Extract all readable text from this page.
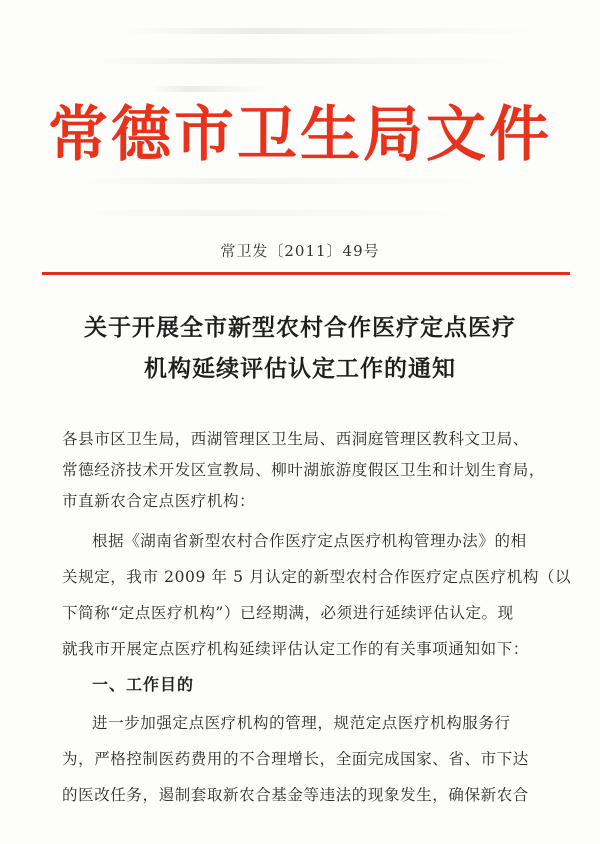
常德市卫生局文件
常卫发〔2011〕49号
关于开展全市新型农村合作医疗定点医疗
机构延续评估认定工作的通知
各县市区卫生局，西湖管理区卫生局、西洞庭管理区教科文卫局、
常德经济技术开发区宣教局、柳叶湖旅游度假区卫生和计划生育局，
市直新农合定点医疗机构：
根据《湖南省新型农村合作医疗定点医疗机构管理办法》的相
关规定，我市 2009 年 5 月认定的新型农村合作医疗定点医疗机构（以
下简称“定点医疗机构”）已经期满，必须进行延续评估认定。现
就我市开展定点医疗机构延续评估认定工作的有关事项通知如下：
一、工作目的
进一步加强定点医疗机构的管理，规范定点医疗机构服务行
为，严格控制医药费用的不合理增长，全面完成国家、省、市下达
的医改任务，遏制套取新农合基金等违法的现象发生，确保新农合
